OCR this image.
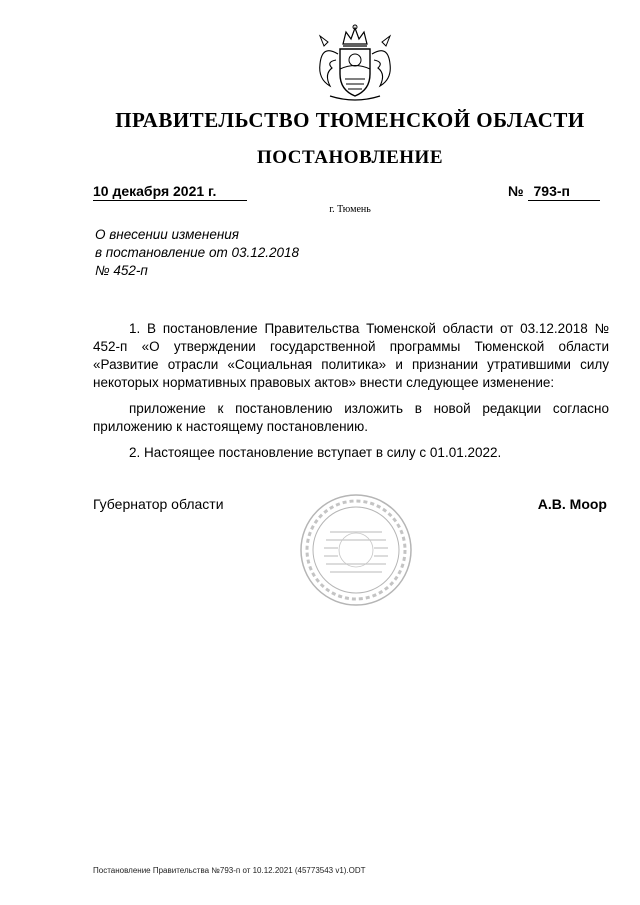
ПРАВИТЕЛЬСТВО ТЮМЕНСКОЙ ОБЛАСТИ
ПОСТАНОВЛЕНИЕ
10 декабря 2021 г.	№ 793-п
г. Тюмень
О внесении изменения
в постановление от 03.12.2018
№ 452-п

1. В постановление Правительства Тюменской области от 03.12.2018 № 452-п «О утверждении государственной программы Тюменской области «Развитие отрасли «Социальная политика» и признании утратившими силу некоторых нормативных правовых актов» внести следующее изменение:

приложение к постановлению изложить в новой редакции согласно приложению к настоящему постановлению.

2. Настоящее постановление вступает в силу с 01.01.2022.

Губернатор области	А.В. Моор
Постановление Правительства №793-п от 10.12.2021 (45773543 v1).ODT
